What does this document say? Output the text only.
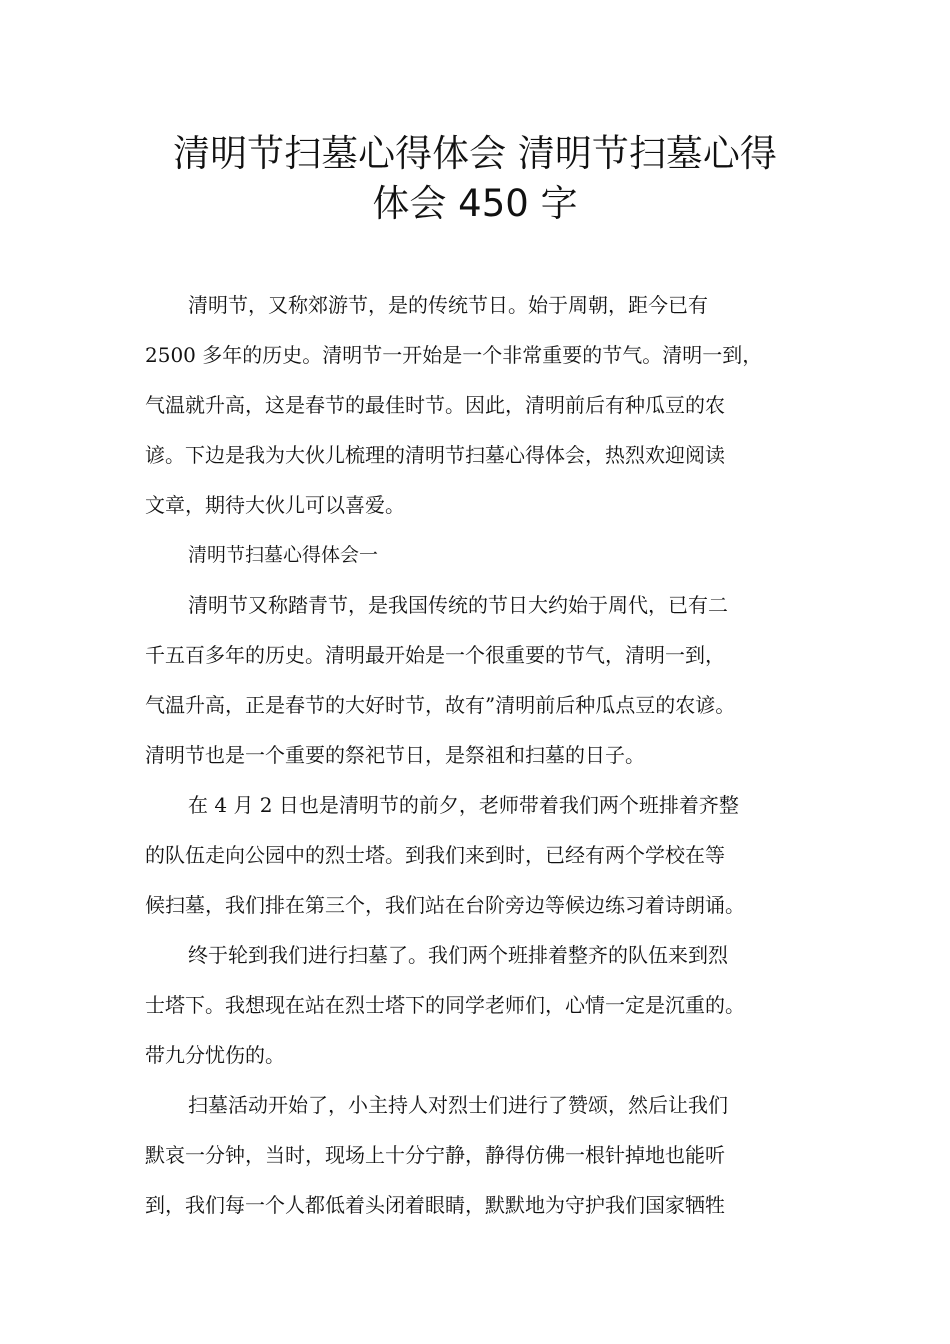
清明节扫墓心得体会 清明节扫墓心得
体会 450 字
清明节，又称郊游节，是的传统节日。始于周朝，距今已有
2500 多年的历史。清明节一开始是一个非常重要的节气。清明一到，
气温就升高，这是春节的最佳时节。因此，清明前后有种瓜豆的农
谚。下边是我为大伙儿梳理的清明节扫墓心得体会，热烈欢迎阅读
文章，期待大伙儿可以喜爱。
清明节扫墓心得体会一
清明节又称踏青节，是我国传统的节日大约始于周代，已有二
千五百多年的历史。清明最开始是一个很重要的节气，清明一到，
气温升高，正是春节的大好时节，故有”清明前后种瓜点豆的农谚。
清明节也是一个重要的祭祀节日，是祭祖和扫墓的日子。
在 4 月 2 日也是清明节的前夕，老师带着我们两个班排着齐整
的队伍走向公园中的烈士塔。到我们来到时，已经有两个学校在等
候扫墓，我们排在第三个，我们站在台阶旁边等候边练习着诗朗诵。
终于轮到我们进行扫墓了。我们两个班排着整齐的队伍来到烈
士塔下。我想现在站在烈士塔下的同学老师们，心情一定是沉重的。
带九分忧伤的。
扫墓活动开始了，小主持人对烈士们进行了赞颂，然后让我们
默哀一分钟，当时，现场上十分宁静，静得仿佛一根针掉地也能听
到，我们每一个人都低着头闭着眼睛，默默地为守护我们国家牺牲
